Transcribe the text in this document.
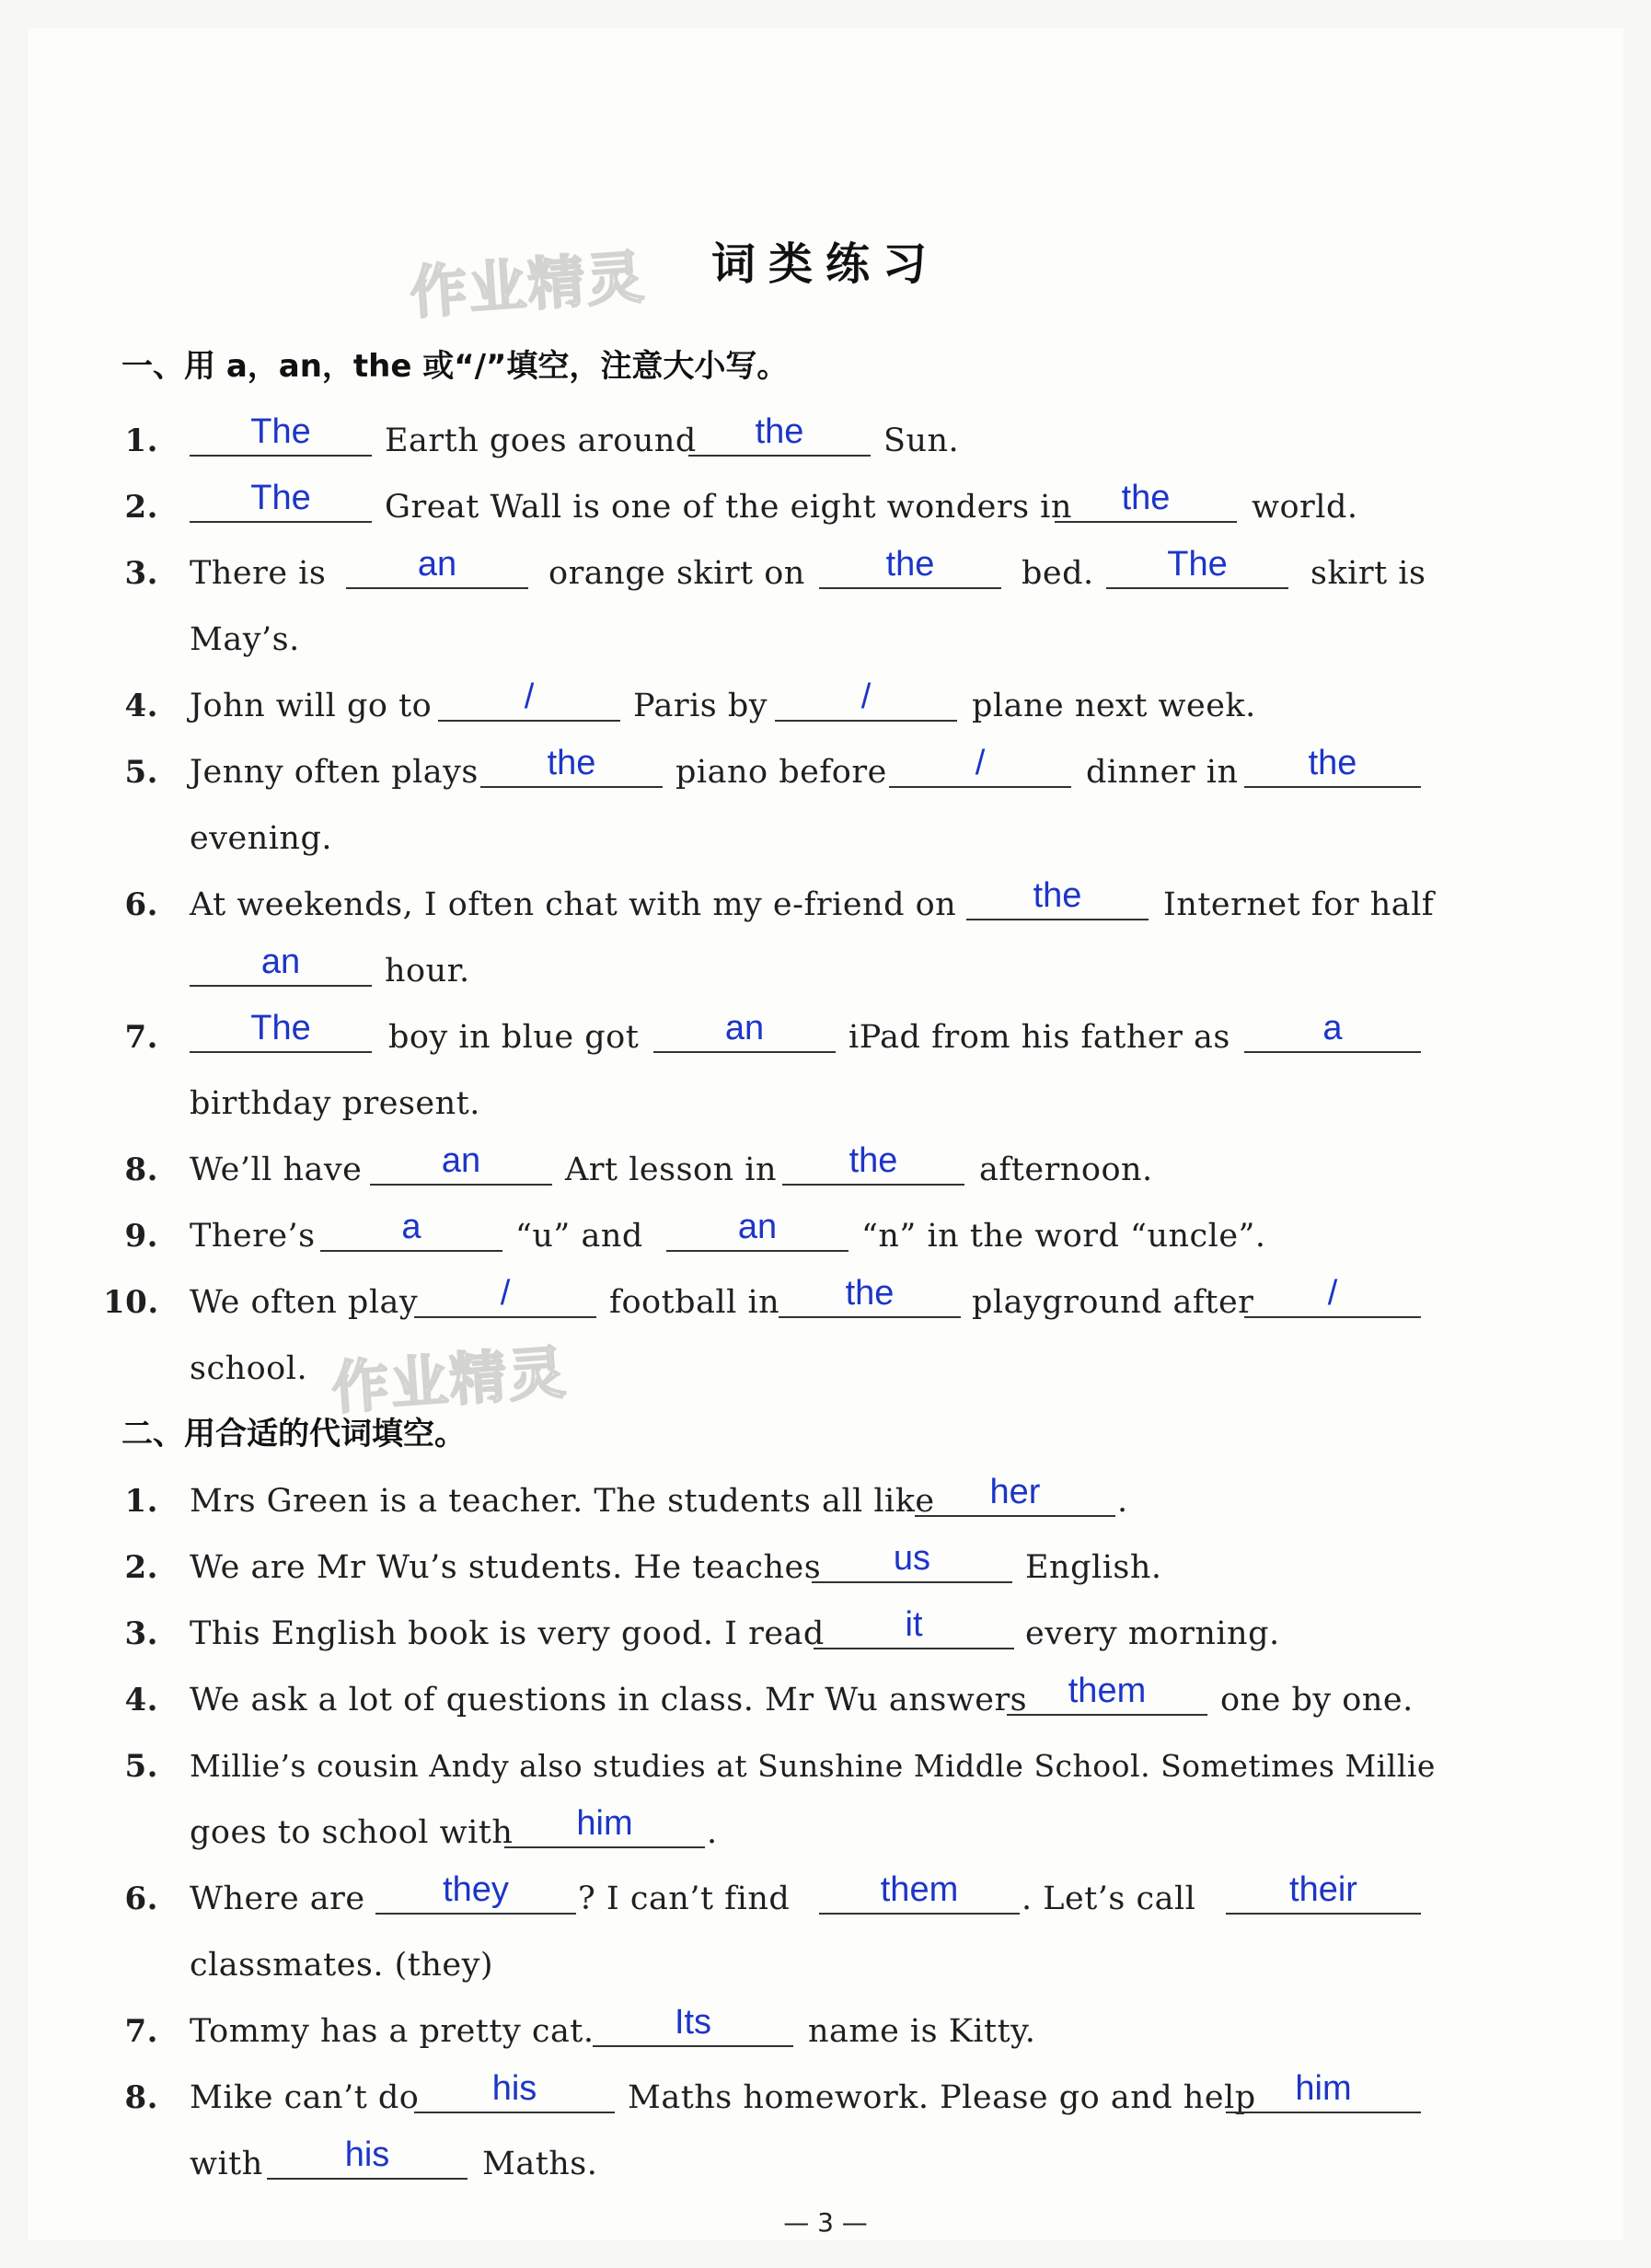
词类练习
作业精灵
作业精灵
一、用 a，an，the 或“/”填空，注意大小写。
1.	The	Earth goes around	the	Sun.
2.	The	Great Wall is one of the eight wonders in	the	world.
3. There is	an	orange skirt on	the	bed.	The	skirt is
May’s.
4. John will go to	/	Paris by	/	plane next week.
5. Jenny often plays	the	piano before	/	dinner in	the
evening.
6. At weekends, I often chat with my e-friend on	the	Internet for half
an	hour.
7.	The	boy in blue got	an	iPad from his father as	a
birthday present.
8. We’ll have	an	Art lesson in	the	afternoon.
9. There’s	a	“u” and	an	“n” in the word “uncle”.
10. We often play	/	football in	the	playground after	/
school.
二、用合适的代词填空。
1. Mrs Green is a teacher. The students all like	her	.
2. We are Mr Wu’s students. He teaches	us	English.
3. This English book is very good. I read	it	every morning.
4. We ask a lot of questions in class. Mr Wu answers	them	one by one.
5. Millie’s cousin Andy also studies at Sunshine Middle School. Sometimes Millie
goes to school with	him	.
6. Where are	they	? I can’t find	them	. Let’s call	their
classmates. (they)
7. Tommy has a pretty cat.	Its	name is Kitty.
8. Mike can’t do	his	Maths homework. Please go and help	him
with	his	Maths.
— 3 —
